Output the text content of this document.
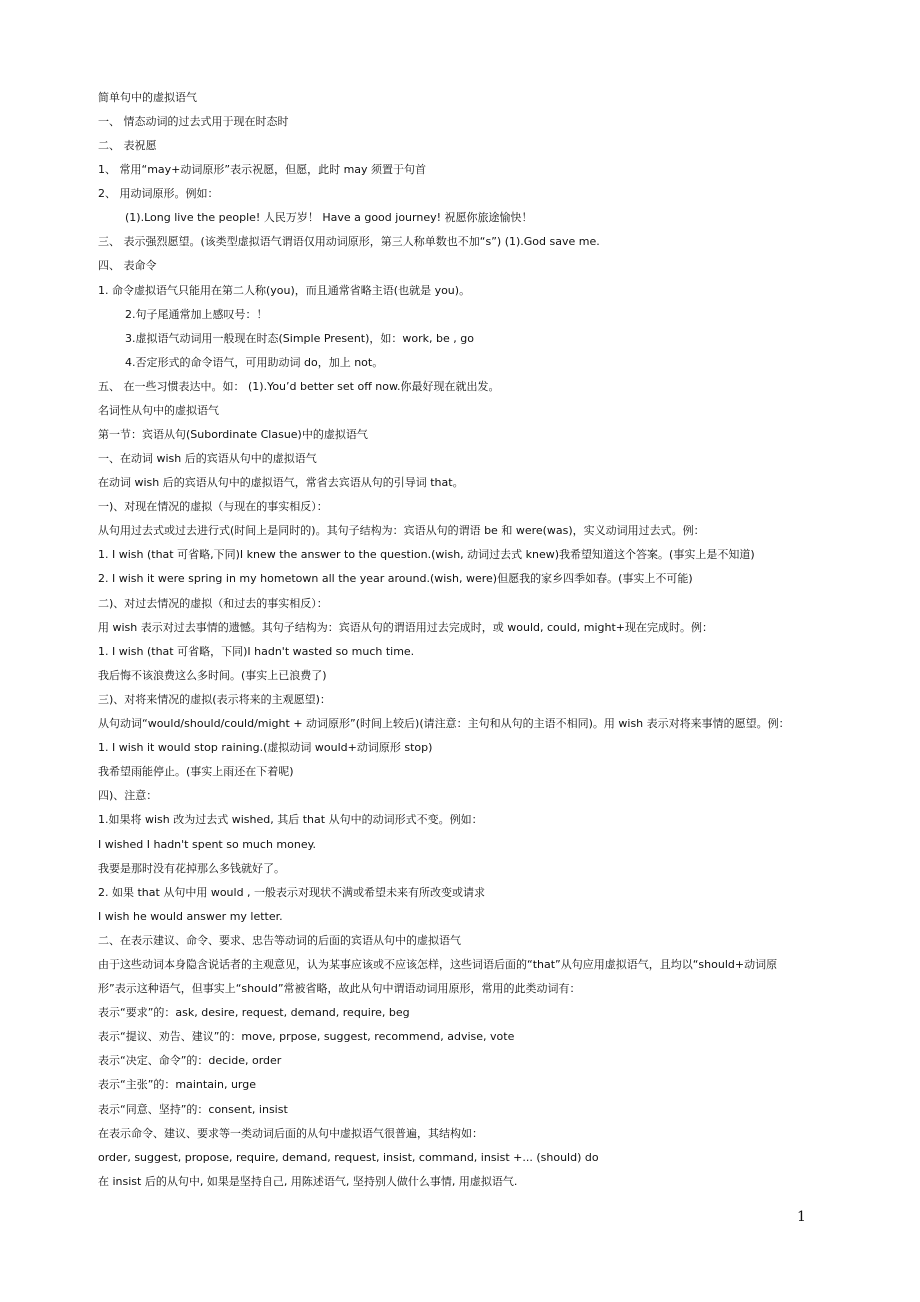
简单句中的虚拟语气
一、 情态动词的过去式用于现在时态时
二、 表祝愿
1、 常用“may+动词原形”表示祝愿，但愿，此时 may 须置于句首
2、 用动词原形。例如：
(1).Long live the people! 人民万岁！ Have a good journey! 祝愿你旅途愉快！
三、 表示强烈愿望。(该类型虚拟语气谓语仅用动词原形，第三人称单数也不加“s”) (1).God save me.
四、 表命令
1. 命令虚拟语气只能用在第二人称(you)，而且通常省略主语(也就是 you)。
2.句子尾通常加上感叹号：！
3.虚拟语气动词用一般现在时态(Simple Present)，如：work, be , go
4.否定形式的命令语气，可用助动词 do，加上 not。
五、 在一些习惯表达中。如： (1).You’d better set off now.你最好现在就出发。
名词性从句中的虚拟语气
第一节：宾语从句(Subordinate Clasue)中的虚拟语气
一、在动词 wish 后的宾语从句中的虚拟语气
在动词 wish 后的宾语从句中的虚拟语气，常省去宾语从句的引导词 that。
一)、对现在情况的虚拟（与现在的事实相反）：
从句用过去式或过去进行式(时间上是同时的)。其句子结构为：宾语从句的谓语 be 和 were(was)，实义动词用过去式。例：
1. I wish (that 可省略,下同)I knew the answer to the question.(wish, 动词过去式 knew)我希望知道这个答案。(事实上是不知道)
2. I wish it were spring in my hometown all the year around.(wish, were)但愿我的家乡四季如春。(事实上不可能)
二)、对过去情况的虚拟（和过去的事实相反）：
用 wish 表示对过去事情的遗憾。其句子结构为：宾语从句的谓语用过去完成时，或 would, could, might+现在完成时。例：
1. I wish (that 可省略，下同)I hadn't wasted so much time.
我后悔不该浪费这么多时间。(事实上已浪费了)
三)、对将来情况的虚拟(表示将来的主观愿望)：
从句动词“would/should/could/might + 动词原形”(时间上较后)(请注意：主句和从句的主语不相同)。用 wish 表示对将来事情的愿望。例：
1. I wish it would stop raining.(虚拟动词 would+动词原形 stop)
我希望雨能停止。(事实上雨还在下着呢)
四)、注意：
1.如果将 wish 改为过去式 wished, 其后 that 从句中的动词形式不变。例如：
I wished I hadn't spent so much money.
我要是那时没有花掉那么多钱就好了。
2. 如果 that 从句中用 would , 一般表示对现状不满或希望未来有所改变或请求
I wish he would answer my letter.
二、在表示建议、命令、要求、忠告等动词的后面的宾语从句中的虚拟语气
由于这些动词本身隐含说话者的主观意见，认为某事应该或不应该怎样，这些词语后面的“that”从句应用虚拟语气，且均以“should+动词原
形”表示这种语气，但事实上“should”常被省略，故此从句中谓语动词用原形，常用的此类动词有：
表示“要求”的：ask, desire, request, demand, require, beg
表示“提议、劝告、建议”的：move, prpose, suggest, recommend, advise, vote
表示“决定、命令”的：decide, order
表示“主张”的：maintain, urge
表示“同意、坚持”的：consent, insist
在表示命令、建议、要求等一类动词后面的从句中虚拟语气很普遍，其结构如：
order, suggest, propose, require, demand, request, insist, command, insist +... (should) do
在 insist 后的从句中, 如果是坚持自己, 用陈述语气, 坚持别人做什么事情, 用虚拟语气.
1
